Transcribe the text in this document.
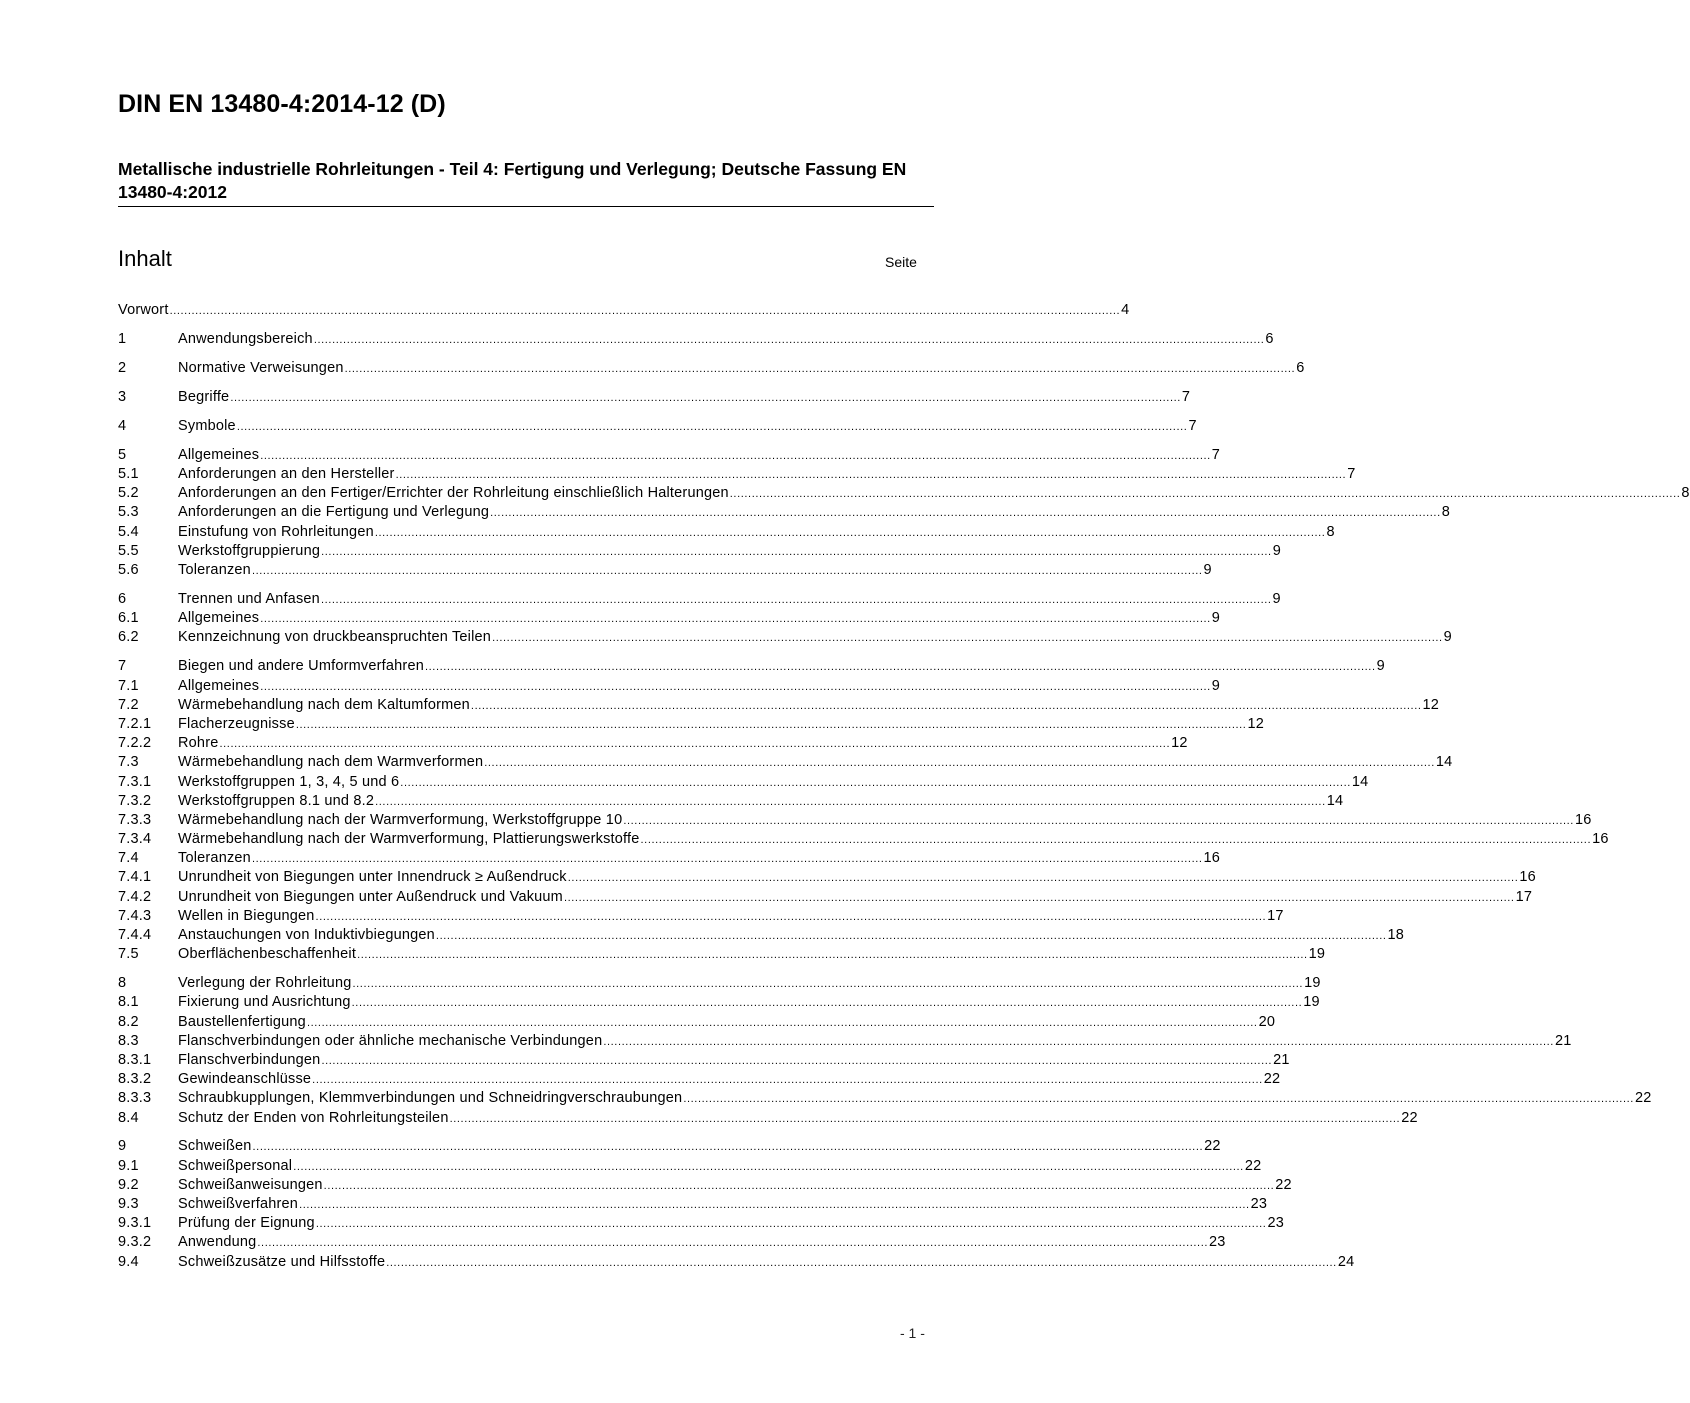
DIN EN 13480-4:2014-12 (D)
Metallische industrielle Rohrleitungen - Teil 4: Fertigung und Verlegung; Deutsche Fassung EN 13480-4:2012
Inhalt	Seite
Vorwort .................................................................................................................................................................................................................................................................... 4
1	Anwendungsbereich .................................................................................................................................................................................................................................................................... 6
2	Normative Verweisungen .................................................................................................................................................................................................................................................................... 6
3	Begriffe .................................................................................................................................................................................................................................................................... 7
4	Symbole .................................................................................................................................................................................................................................................................... 7
5	Allgemeines .................................................................................................................................................................................................................................................................... 7
5.1	Anforderungen an den Hersteller .................................................................................................................................................................................................................................................................... 7
5.2	Anforderungen an den Fertiger/Errichter der Rohrleitung einschließlich Halterungen .................................................................................................................................................................................................................................................................... 8
5.3	Anforderungen an die Fertigung und Verlegung .................................................................................................................................................................................................................................................................... 8
5.4	Einstufung von Rohrleitungen .................................................................................................................................................................................................................................................................... 8
5.5	Werkstoffgruppierung .................................................................................................................................................................................................................................................................... 9
5.6	Toleranzen .................................................................................................................................................................................................................................................................... 9
6	Trennen und Anfasen .................................................................................................................................................................................................................................................................... 9
6.1	Allgemeines .................................................................................................................................................................................................................................................................... 9
6.2	Kennzeichnung von druckbeanspruchten Teilen .................................................................................................................................................................................................................................................................... 9
7	Biegen und andere Umformverfahren .................................................................................................................................................................................................................................................................... 9
7.1	Allgemeines .................................................................................................................................................................................................................................................................... 9
7.2	Wärmebehandlung nach dem Kaltumformen .................................................................................................................................................................................................................................................................... 12
7.2.1	Flacherzeugnisse .................................................................................................................................................................................................................................................................... 12
7.2.2	Rohre .................................................................................................................................................................................................................................................................... 12
7.3	Wärmebehandlung nach dem Warmverformen .................................................................................................................................................................................................................................................................... 14
7.3.1	Werkstoffgruppen 1, 3, 4, 5 und 6 .................................................................................................................................................................................................................................................................... 14
7.3.2	Werkstoffgruppen 8.1 und 8.2 .................................................................................................................................................................................................................................................................... 14
7.3.3	Wärmebehandlung nach der Warmverformung, Werkstoffgruppe 10 .................................................................................................................................................................................................................................................................... 16
7.3.4	Wärmebehandlung nach der Warmverformung, Plattierungswerkstoffe .................................................................................................................................................................................................................................................................... 16
7.4	Toleranzen .................................................................................................................................................................................................................................................................... 16
7.4.1	Unrundheit von Biegungen unter Innendruck ≥ Außendruck .................................................................................................................................................................................................................................................................... 16
7.4.2	Unrundheit von Biegungen unter Außendruck und Vakuum .................................................................................................................................................................................................................................................................... 17
7.4.3	Wellen in Biegungen .................................................................................................................................................................................................................................................................... 17
7.4.4	Anstauchungen von Induktivbiegungen .................................................................................................................................................................................................................................................................... 18
7.5	Oberflächenbeschaffenheit .................................................................................................................................................................................................................................................................... 19
8	Verlegung der Rohrleitung .................................................................................................................................................................................................................................................................... 19
8.1	Fixierung und Ausrichtung .................................................................................................................................................................................................................................................................... 19
8.2	Baustellenfertigung .................................................................................................................................................................................................................................................................... 20
8.3	Flanschverbindungen oder ähnliche mechanische Verbindungen .................................................................................................................................................................................................................................................................... 21
8.3.1	Flanschverbindungen .................................................................................................................................................................................................................................................................... 21
8.3.2	Gewindeanschlüsse .................................................................................................................................................................................................................................................................... 22
8.3.3	Schraubkupplungen, Klemmverbindungen und Schneidringverschraubungen .................................................................................................................................................................................................................................................................... 22
8.4	Schutz der Enden von Rohrleitungsteilen .................................................................................................................................................................................................................................................................... 22
9	Schweißen .................................................................................................................................................................................................................................................................... 22
9.1	Schweißpersonal .................................................................................................................................................................................................................................................................... 22
9.2	Schweißanweisungen .................................................................................................................................................................................................................................................................... 22
9.3	Schweißverfahren .................................................................................................................................................................................................................................................................... 23
9.3.1	Prüfung der Eignung .................................................................................................................................................................................................................................................................... 23
9.3.2	Anwendung .................................................................................................................................................................................................................................................................... 23
9.4	Schweißzusätze und Hilfsstoffe .................................................................................................................................................................................................................................................................... 24
- 1 -
